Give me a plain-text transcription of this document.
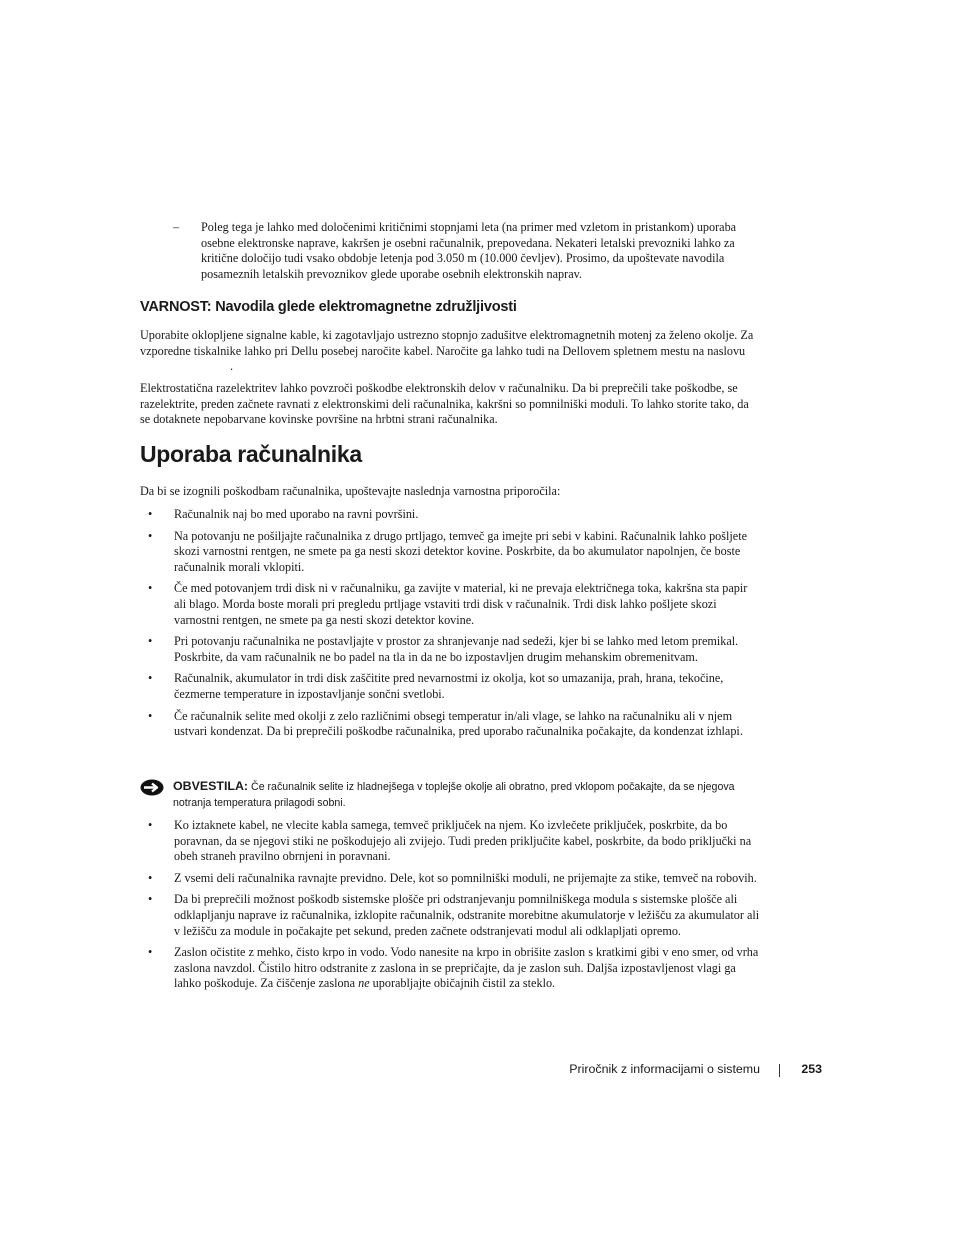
– Poleg tega je lahko med določenimi kritičnimi stopnjami leta (na primer med vzletom in pristankom) uporaba osebne elektronske naprave, kakršen je osebni računalnik, prepovedana. Nekateri letalski prevozniki lahko za kritične določijo tudi vsako obdobje letenja pod 3.050 m (10.000 čevljev). Prosimo, da upoštevate navodila posameznih letalskih prevoznikov glede uporabe osebnih elektronskih naprav.
VARNOST: Navodila glede elektromagnetne združljivosti
Uporabite oklopljene signalne kable, ki zagotavljajo ustrezno stopnjo zadušitve elektromagnetnih motenj za želeno okolje. Za vzporedne tiskalnike lahko pri Dellu posebej naročite kabel. Naročite ga lahko tudi na Dellovem spletnem mestu na naslovu.
Elektrostatična razelektritev lahko povzroči poškodbe elektronskih delov v računalniku. Da bi preprečili take poškodbe, se razelektrite, preden začnete ravnati z elektronskimi deli računalnika, kakršni so pomnilniški moduli. To lahko storite tako, da se dotaknete nepobarvane kovinske površine na hrbtni strani računalnika.
Uporaba računalnika
Da bi se izognili poškodbam računalnika, upoštevajte naslednja varnostna priporočila:
• Računalnik naj bo med uporabo na ravni površini.
• Na potovanju ne pošiljajte računalnika z drugo prtljago, temveč ga imejte pri sebi v kabini. Računalnik lahko pošljete skozi varnostni rentgen, ne smete pa ga nesti skozi detektor kovine. Poskrbite, da bo akumulator napolnjen, če boste računalnik morali vklopiti.
• Če med potovanjem trdi disk ni v računalniku, ga zavijte v material, ki ne prevaja električnega toka, kakršna sta papir ali blago. Morda boste morali pri pregledu prtljage vstaviti trdi disk v računalnik. Trdi disk lahko pošljete skozi varnostni rentgen, ne smete pa ga nesti skozi detektor kovine.
• Pri potovanju računalnika ne postavljajte v prostor za shranjevanje nad sedeži, kjer bi se lahko med letom premikal. Poskrbite, da vam računalnik ne bo padel na tla in da ne bo izpostavljen drugim mehanskim obremenitvam.
• Računalnik, akumulator in trdi disk zaščitite pred nevarnostmi iz okolja, kot so umazanija, prah, hrana, tekočine, čezmerne temperature in izpostavljanje sončni svetlobi.
• Če računalnik selite med okolji z zelo različnimi obsegi temperatur in/ali vlage, se lahko na računalniku ali v njem ustvari kondenzat. Da bi preprečili poškodbe računalnika, pred uporabo računalnika počakajte, da kondenzat izhlapi.
OBVESTILA: Če računalnik selite iz hladnejšega v toplejše okolje ali obratno, pred vklopom počakajte, da se njegova notranja temperatura prilagodi sobni.
• Ko iztaknete kabel, ne vlecite kabla samega, temveč priključek na njem. Ko izvlečete priključek, poskrbite, da bo poravnan, da se njegovi stiki ne poškodujejo ali zvijejo. Tudi preden priključite kabel, poskrbite, da bodo priključki na obeh straneh pravilno obrnjeni in poravnani.
• Z vsemi deli računalnika ravnajte previdno. Dele, kot so pomnilniški moduli, ne prijemajte za stike, temveč na robovih.
• Da bi preprečili možnost poškodb sistemske plošče pri odstranjevanju pomnilniškega modula s sistemske plošče ali odklapljanju naprave iz računalnika, izklopite računalnik, odstranite morebitne akumulatorje v ležišču za akumulator ali v ležišču za module in počakajte pet sekund, preden začnete odstranjevati modul ali odklapljati opremo.
• Zaslon očistite z mehko, čisto krpo in vodo. Vodo nanesite na krpo in obrišite zaslon s kratkimi gibi v eno smer, od vrha zaslona navzdol. Čistilo hitro odstranite z zaslona in se prepričajte, da je zaslon suh. Daljša izpostavljenost vlagi ga lahko poškoduje. Za čiščenje zaslona ne uporabljajte običajnih čistil za steklo.
Priročnik z informacijami o sistemu	253
